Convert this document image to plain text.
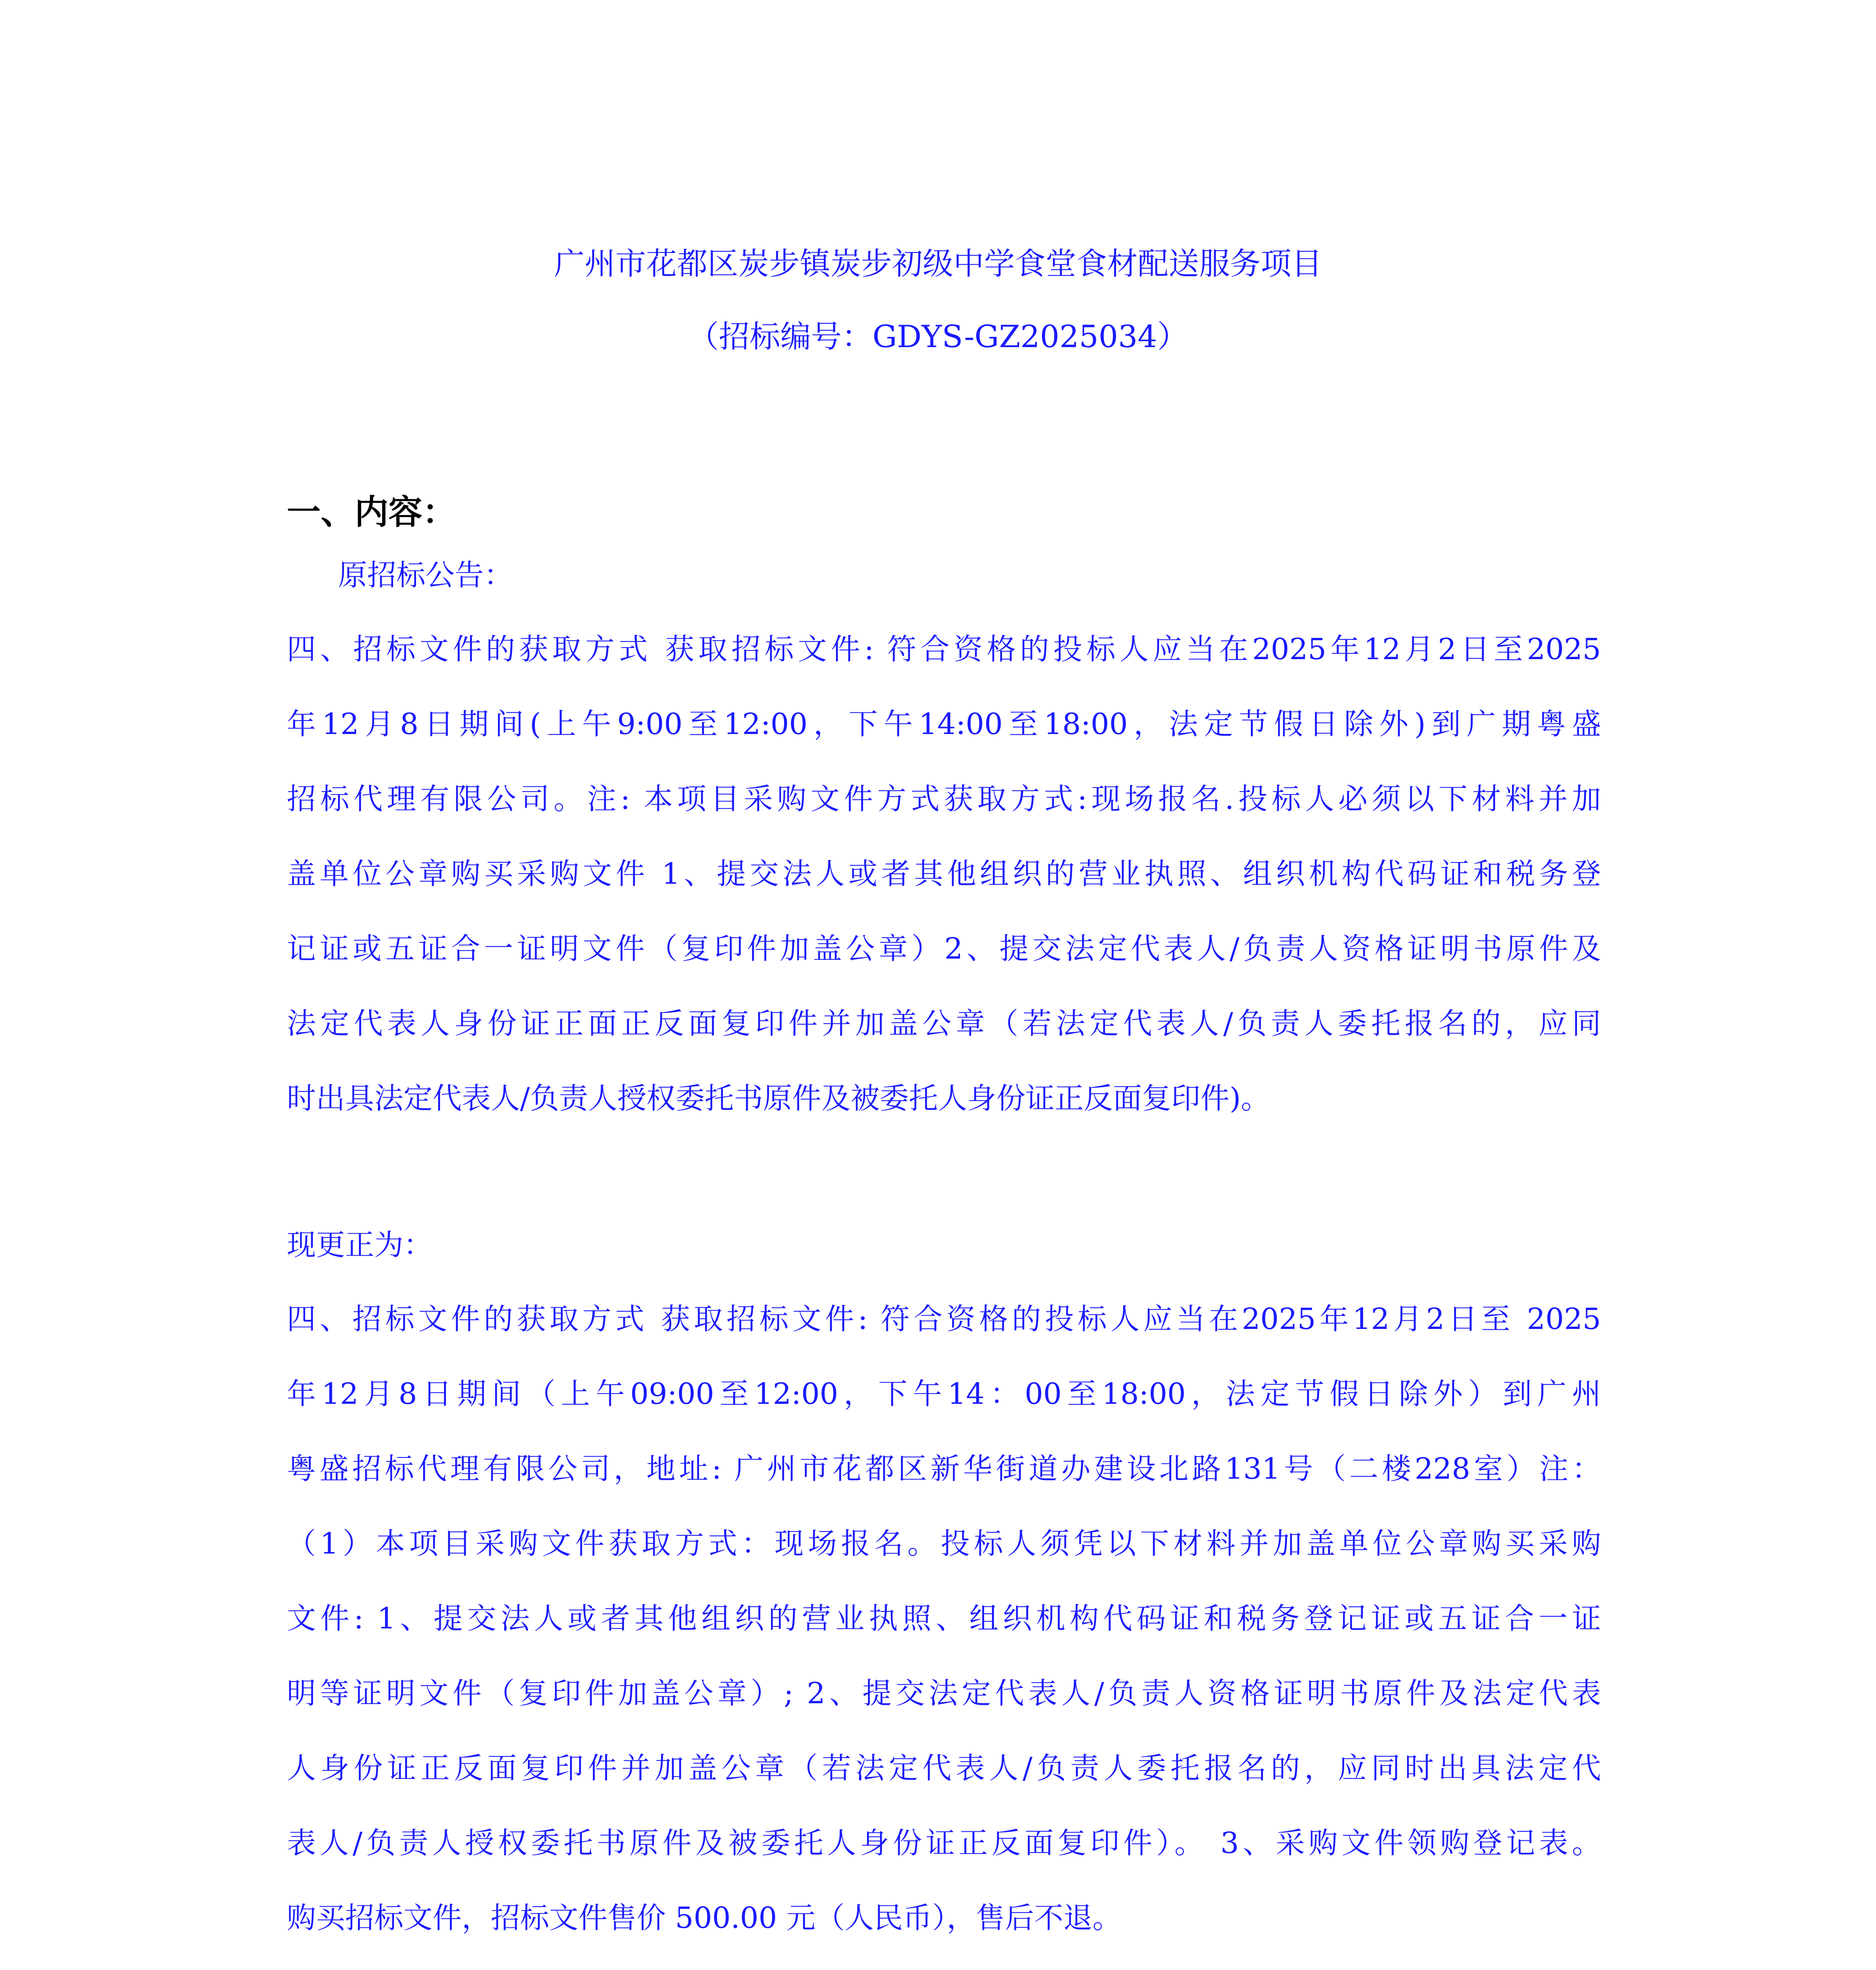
广州市花都区炭步镇炭步初级中学食堂食材配送服务项目
（招标编号：GDYS-GZ2025034）
一、内容：
原招标公告：
四、招标文件的获取方式 获取招标文件: 符合资格的投标人应当在2025年12月2日至2025
年12月8日期间(上午9:00至12:00，下午14:00至18:00，法定节假日除外)到广期粤盛
招标代理有限公司。注: 本项目采购文件方式获取方式:现场报名.投标人必须以下材料并加
盖单位公章购买采购文件 1、提交法人或者其他组织的营业执照、组织机构代码证和税务登
记证或五证合一证明文件（复印件加盖公章）2、提交法定代表人/负责人资格证明书原件及
法定代表人身份证正面正反面复印件并加盖公章（若法定代表人/负责人委托报名的，应同
时出具法定代表人/负责人授权委托书原件及被委托人身份证正反面复印件)。
现更正为：
四、招标文件的获取方式 获取招标文件: 符合资格的投标人应当在2025年12月2日至 2025
年12月8日期间（上午09:00至12:00，下午14：00至18:00，法定节假日除外）到广州
粤盛招标代理有限公司，地址: 广州市花都区新华街道办建设北路131号（二楼228室）注：
（1）本项目采购文件获取方式：现场报名。投标人须凭以下材料并加盖单位公章购买采购
文件: 1、提交法人或者其他组织的营业执照、组织机构代码证和税务登记证或五证合一证
明等证明文件（复印件加盖公章）; 2、提交法定代表人/负责人资格证明书原件及法定代表
人身份证正反面复印件并加盖公章（若法定代表人/负责人委托报名的，应同时出具法定代
表人/负责人授权委托书原件及被委托人身份证正反面复印件）。 3、采购文件领购登记表。
购买招标文件，招标文件售价 500.00 元（人民币），售后不退。
